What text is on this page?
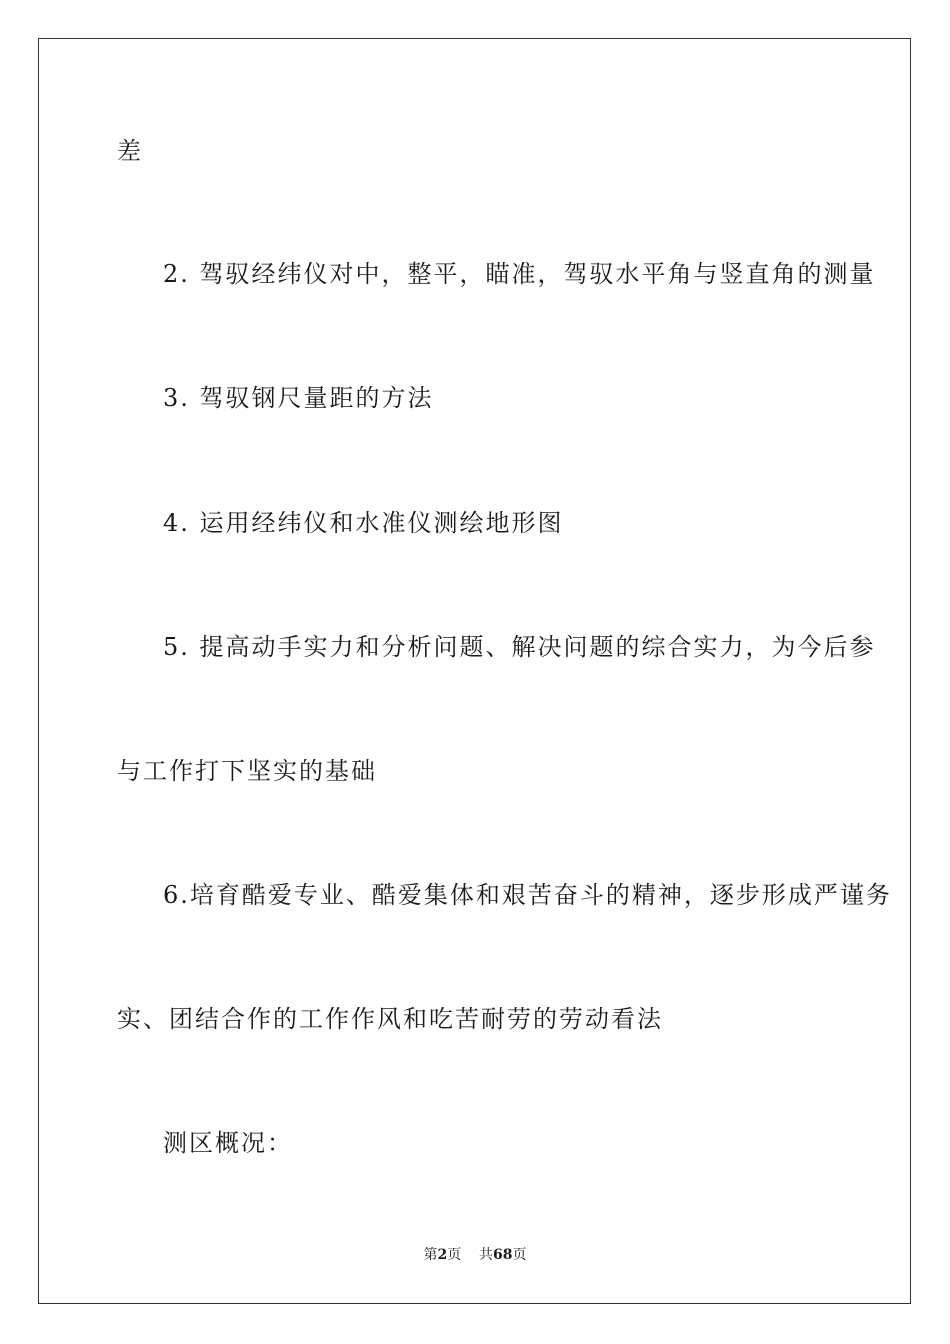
差
2. 驾驭经纬仪对中，整平，瞄准，驾驭水平角与竖直角的测量
3. 驾驭钢尺量距的方法
4. 运用经纬仪和水准仪测绘地形图
5. 提高动手实力和分析问题、解决问题的综合实力，为今后参
与工作打下坚实的基础
6.培育酷爱专业、酷爱集体和艰苦奋斗的精神，逐步形成严谨务
实、团结合作的工作作风和吃苦耐劳的劳动看法
测区概况：
第2页 共68页
